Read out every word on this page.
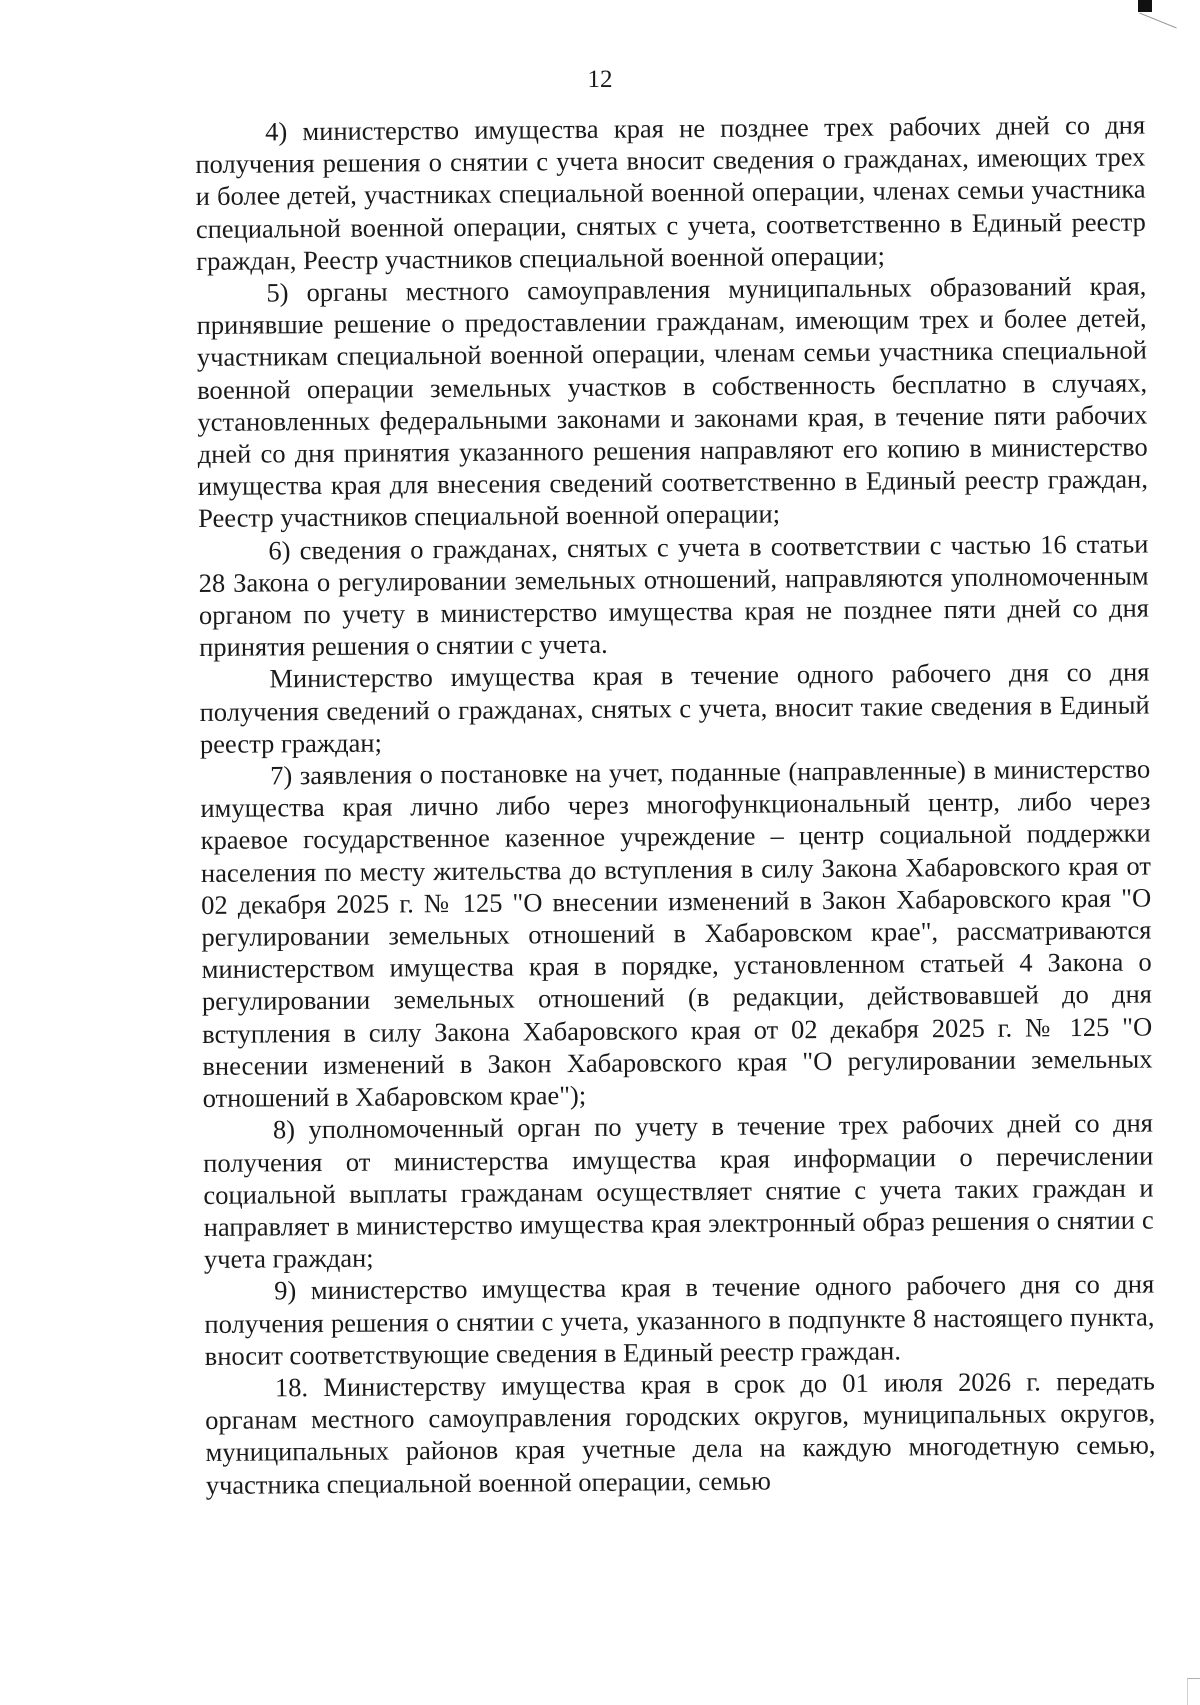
12

4) министерство имущества края не позднее трех рабочих дней со дня получения решения о снятии с учета вносит сведения о гражданах, имеющих трех и более детей, участниках специальной военной операции, членах семьи участника специальной военной операции, снятых с учета, соответственно в Единый реестр граждан, Реестр участников специальной военной операции;

5) органы местного самоуправления муниципальных образований края, принявшие решение о предоставлении гражданам, имеющим трех и более детей, участникам специальной военной операции, членам семьи участника специальной военной операции земельных участков в собственность бесплатно в случаях, установленных федеральными законами и законами края, в течение пяти рабочих дней со дня принятия указанного решения направляют его копию в министерство имущества края для внесения сведений соответственно в Единый реестр граждан, Реестр участников специальной военной операции;

6) сведения о гражданах, снятых с учета в соответствии с частью 16 статьи 28 Закона о регулировании земельных отношений, направляются уполномоченным органом по учету в министерство имущества края не позднее пяти дней со дня принятия решения о снятии с учета.

Министерство имущества края в течение одного рабочего дня со дня получения сведений о гражданах, снятых с учета, вносит такие сведения в Единый реестр граждан;

7) заявления о постановке на учет, поданные (направленные) в министерство имущества края лично либо через многофункциональный центр, либо через краевое государственное казенное учреждение – центр социальной поддержки населения по месту жительства до вступления в силу Закона Хабаровского края от 02 декабря 2025 г. № 125 "О внесении изменений в Закон Хабаровского края "О регулировании земельных отношений в Хабаровском крае", рассматриваются министерством имущества края в порядке, установленном статьей 4 Закона о регулировании земельных отношений (в редакции, действовавшей до дня вступления в силу Закона Хабаровского края от 02 декабря 2025 г. № 125 "О внесении изменений в Закон Хабаровского края "О регулировании земельных отношений в Хабаровском крае");

8) уполномоченный орган по учету в течение трех рабочих дней со дня получения от министерства имущества края информации о перечислении социальной выплаты гражданам осуществляет снятие с учета таких граждан и направляет в министерство имущества края электронный образ решения о снятии с учета граждан;

9) министерство имущества края в течение одного рабочего дня со дня получения решения о снятии с учета, указанного в подпункте 8 настоящего пункта, вносит соответствующие сведения в Единый реестр граждан.

18. Министерству имущества края в срок до 01 июля 2026 г. передать органам местного самоуправления городских округов, муниципальных округов, муниципальных районов края учетные дела на каждую многодетную семью, участника специальной военной операции, семью
